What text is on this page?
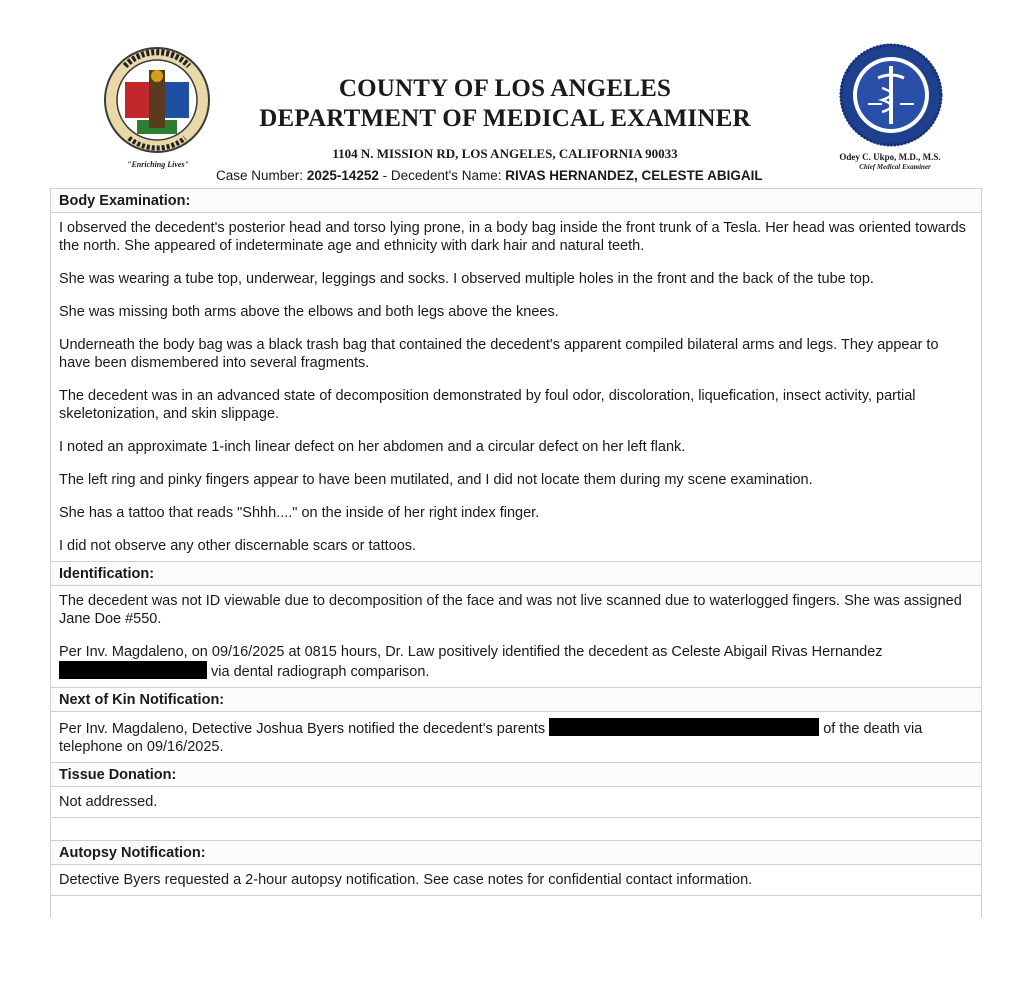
"Enriching Lives"
COUNTY OF LOS ANGELES
DEPARTMENT OF MEDICAL EXAMINER
1104 N. MISSION RD, LOS ANGELES, CALIFORNIA 90033	Odey C. Ukpo, M.D., M.S.
Chief Medical Examiner
Case Number: 2025-14252 - Decedent's Name: RIVAS HERNANDEZ, CELESTE ABIGAIL
Body Examination:

I observed the decedent's posterior head and torso lying prone, in a body bag inside the front trunk of a Tesla. Her head was oriented towards the north. She appeared of indeterminate age and ethnicity with dark hair and natural teeth.

She was wearing a tube top, underwear, leggings and socks. I observed multiple holes in the front and the back of the tube top.

She was missing both arms above the elbows and both legs above the knees.

Underneath the body bag was a black trash bag that contained the decedent's apparent compiled bilateral arms and legs. They appear to have been dismembered into several fragments.

The decedent was in an advanced state of decomposition demonstrated by foul odor, discoloration, liquefication, insect activity, partial skeletonization, and skin slippage.

I noted an approximate 1-inch linear defect on her abdomen and a circular defect on her left flank.

The left ring and pinky fingers appear to have been mutilated, and I did not locate them during my scene examination.

She has a tattoo that reads "Shhh...." on the inside of her right index finger.

I did not observe any other discernable scars or tattoos.

Identification:

The decedent was not ID viewable due to decomposition of the face and was not live scanned due to waterlogged fingers. She was assigned Jane Doe #550.

Per Inv. Magdaleno, on 09/16/2025 at 0815 hours, Dr. Law positively identified the decedent as Celeste Abigail Rivas Hernandez  via dental radiograph comparison.

Next of Kin Notification:

Per Inv. Magdaleno, Detective Joshua Byers notified the decedent's parents	of the death via telephone on 09/16/2025.

Tissue Donation:

Not addressed.

Autopsy Notification:

Detective Byers requested a 2-hour autopsy notification. See case notes for confidential contact information.
